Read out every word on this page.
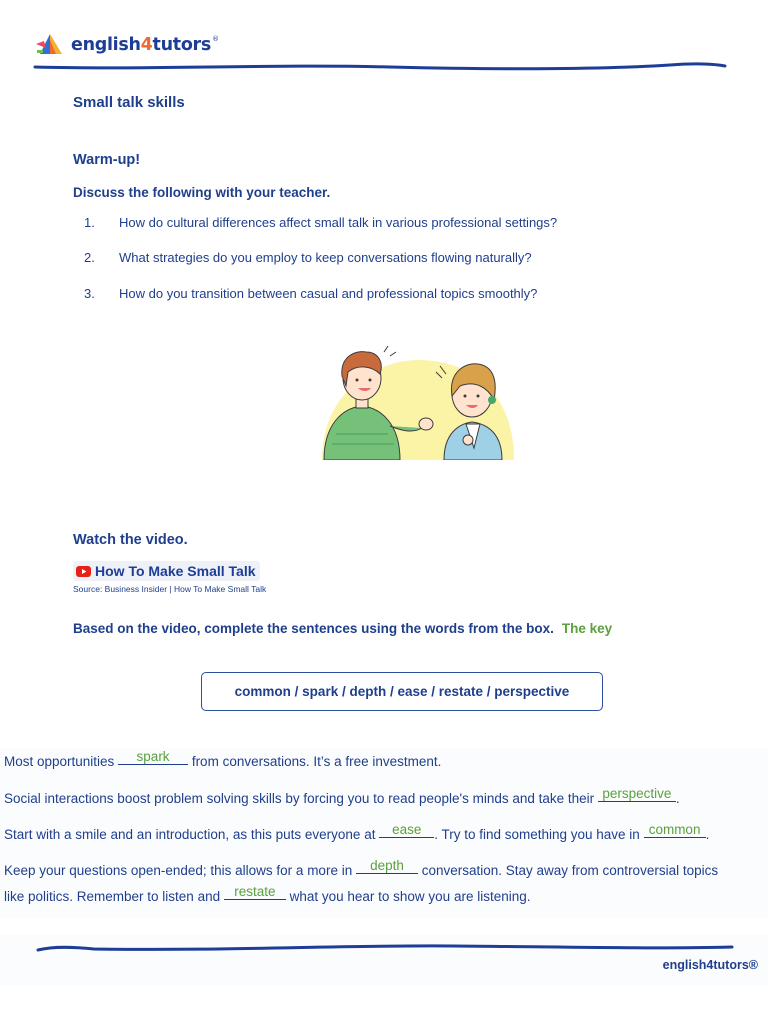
english4tutors®
Small talk skills
Warm-up!
Discuss the following with your teacher.
1. How do cultural differences affect small talk in various professional settings?
2. What strategies do you employ to keep conversations flowing naturally?
3. How do you transition between casual and professional topics smoothly?
Watch the video.
How To Make Small Talk
Source: Business Insider | How To Make Small Talk
Based on the video, complete the sentences using the words from the box. The key
common / spark / depth / ease / restate / perspective
Most opportunities spark from conversations. It’s a free investment.
Social interactions boost problem solving skills by forcing you to read people's minds and take their perspective .
Start with a smile and an introduction, as this puts everyone at ease . Try to find something you have in common .
Keep your questions open-ended; this allows for a more in depth conversation. Stay away from controversial topics
like politics. Remember to listen and restate what you hear to show you are listening.
english4tutors®
